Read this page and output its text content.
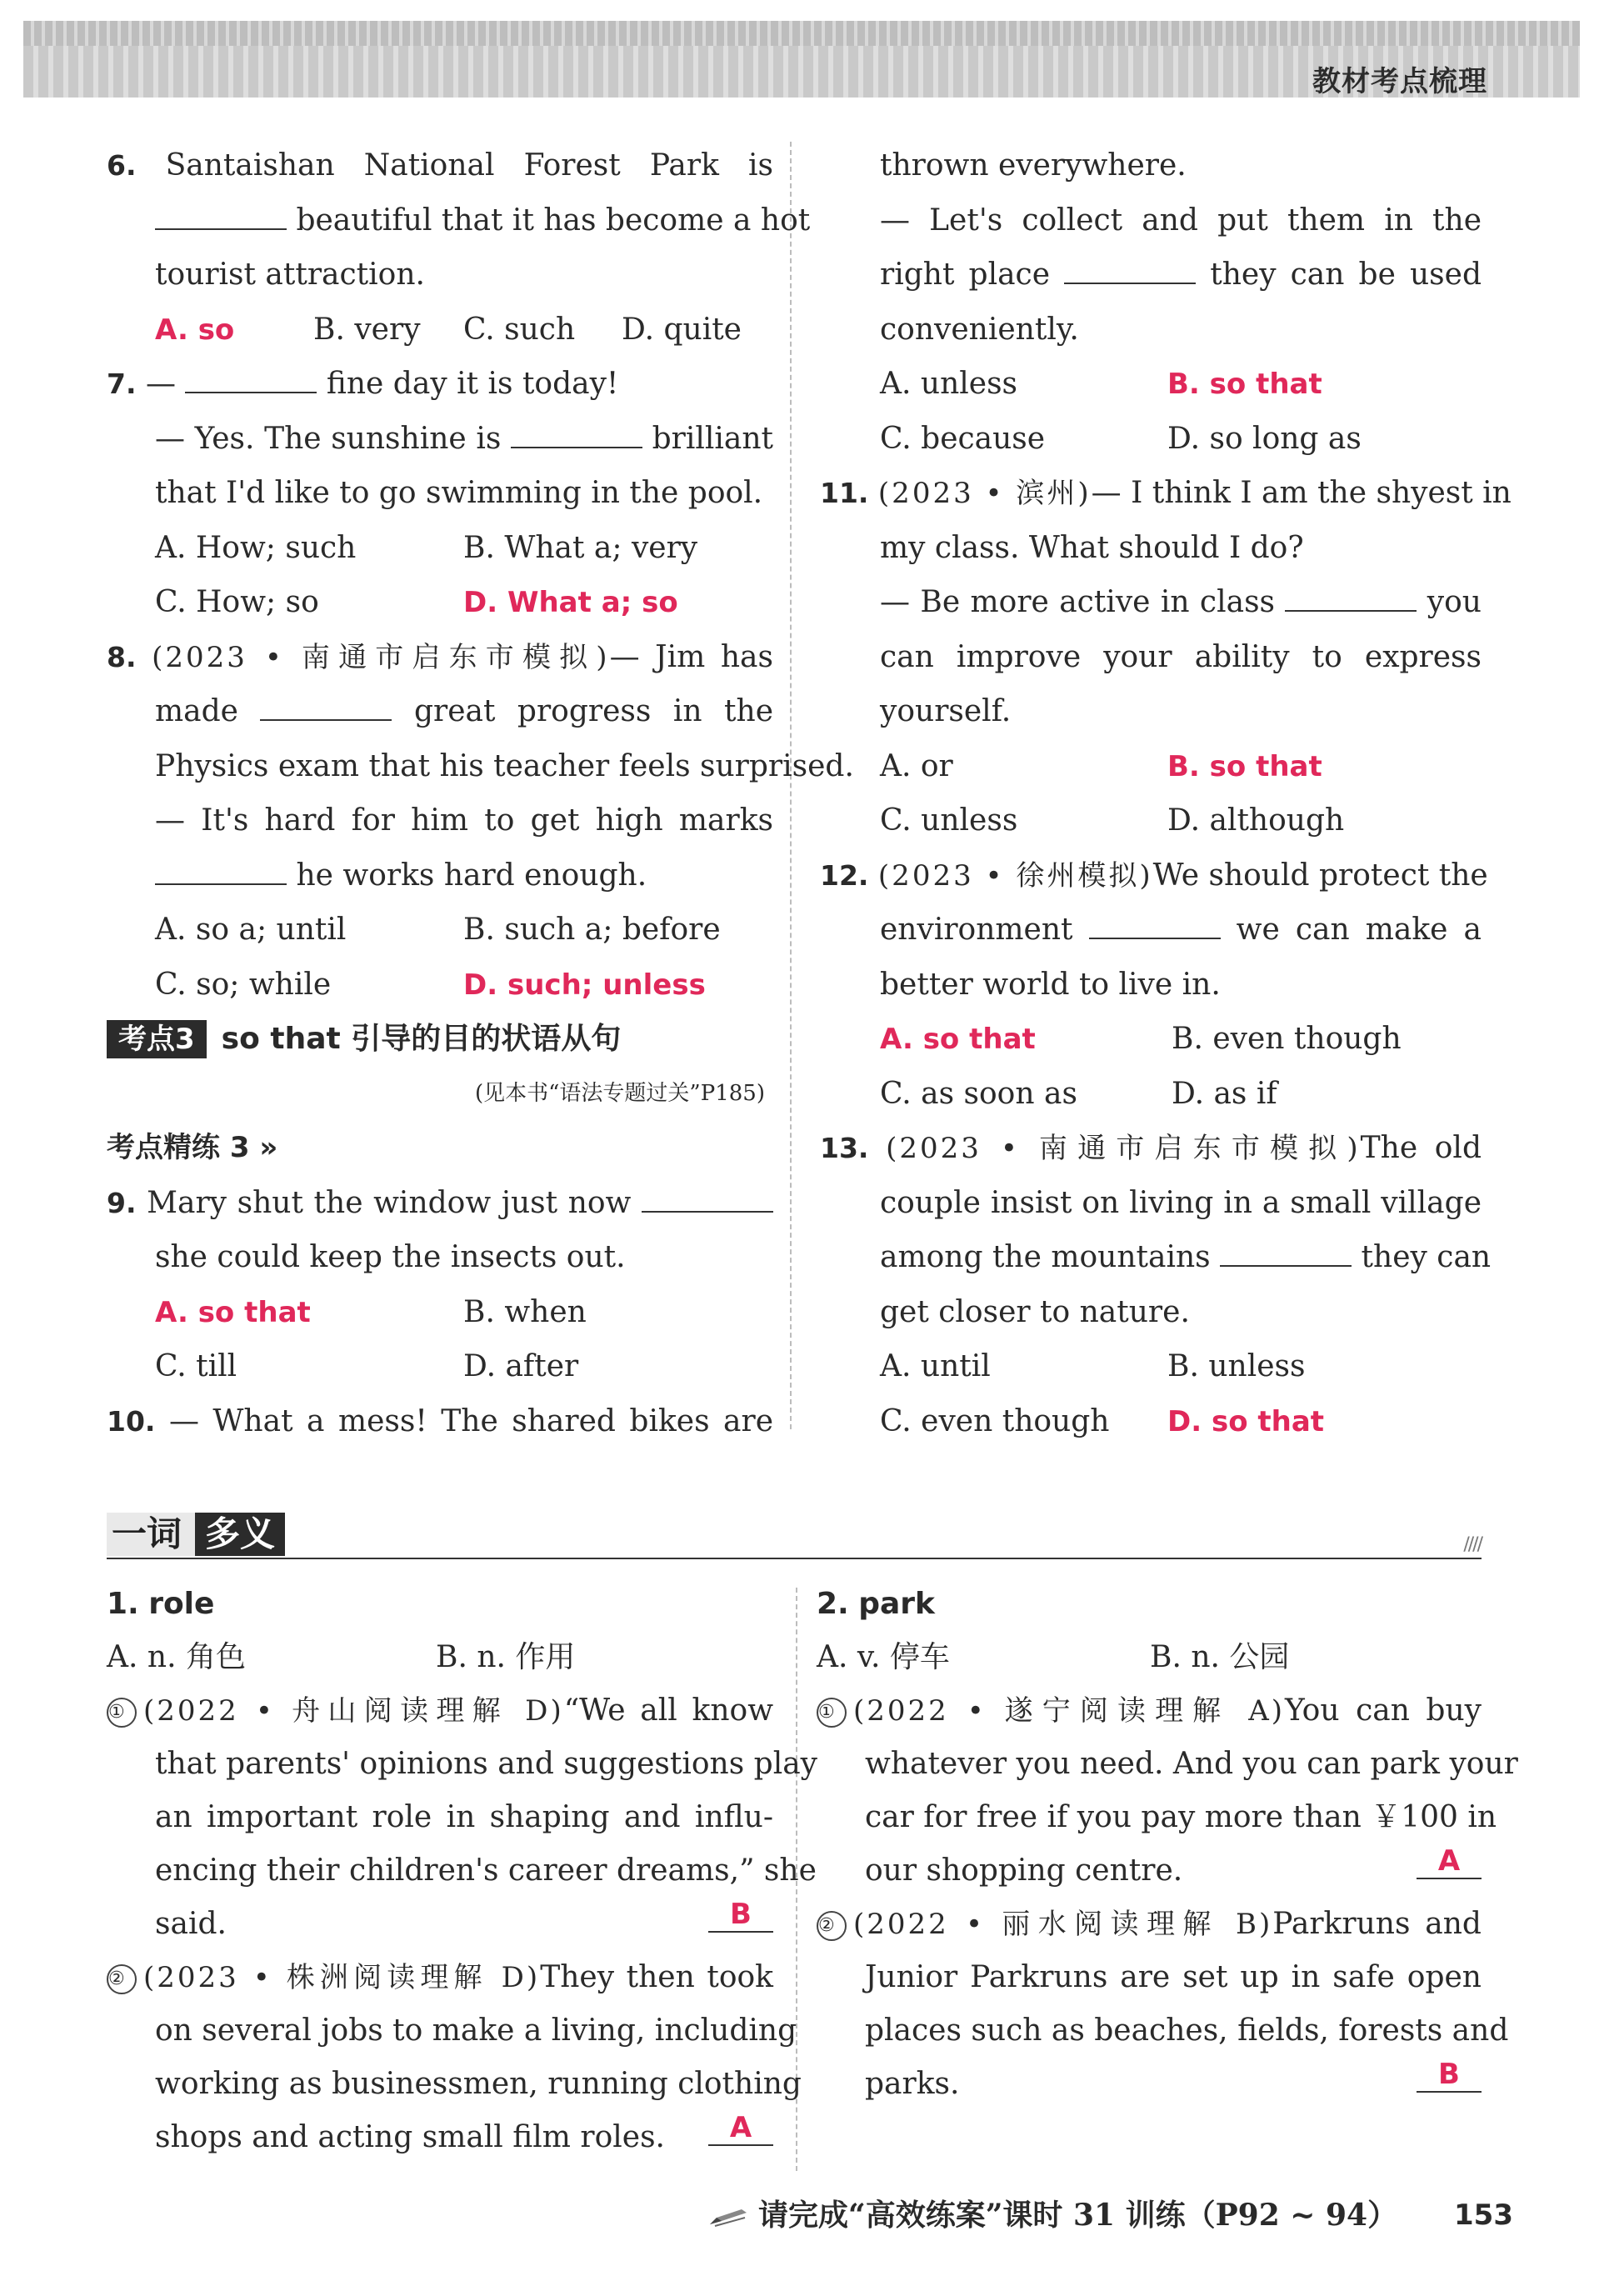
教材考点梳理
6. Santaishan National Forest Park is
beautiful that it has become a hot
tourist attraction.
A. so	B. very C. such D. quite
7. —	fine day it is today!
— Yes. The sunshine is	brilliant
that I'd like to go swimming in the pool.
A. How; such	B. What a; very
C. How; so	D. What a; so
8. (2023 • 南通市启东市模拟)— Jim has
made	great progress in the
Physics exam that his teacher feels surprised.
— It's hard for him to get high marks
he works hard enough.
A. so a; until	B. such a; before
C. so; while	D. such; unless
考点3 so that 引导的目的状语从句
(见本书“语法专题过关”P185)
考点精练 3 »
9. Mary shut the window just now
she could keep the insects out.
A. so that	B. when
C. till	D. after
10. — What a mess! The shared bikes are
thrown everywhere.
— Let's collect and put them in the
right place	they can be used
conveniently.
A. unless	B. so that
C. because	D. so long as
11. (2023 • 滨州)— I think I am the shyest in
my class. What should I do?
— Be more active in class	you
can improve your ability to express
yourself.
A. or	B. so that
C. unless	D. although
12. (2023 • 徐州模拟)We should protect the
environment	we can make a
better world to live in.
A. so that	B. even though
C. as soon as	D. as if
13. (2023 • 南通市启东市模拟)The old
couple insist on living in a small village
among the mountains	they can
get closer to nature.
A. until	B. unless
C. even though D. so that
一词 多义	////
1. role
A. n. 角色	B. n. 作用
① (2022 • 舟山阅读理解 D)“We all know
that parents' opinions and suggestions play
an important role in shaping and influ-
encing their children's career dreams,” she
said.	B
② (2023 • 株洲阅读理解 D)They then took
on several jobs to make a living, including
working as businessmen, running clothing
shops and acting small film roles.	A
2. park
A. v. 停车	B. n. 公园
① (2022 • 遂宁阅读理解 A)You can buy
whatever you need. And you can park your
car for free if you pay more than ￥100 in
our shopping centre.	A
② (2022 • 丽水阅读理解 B)Parkruns and
Junior Parkruns are set up in safe open
places such as beaches, fields, forests and
parks.	B
请完成“高效练案”课时 31 训练（P92 ~ 94） 153
